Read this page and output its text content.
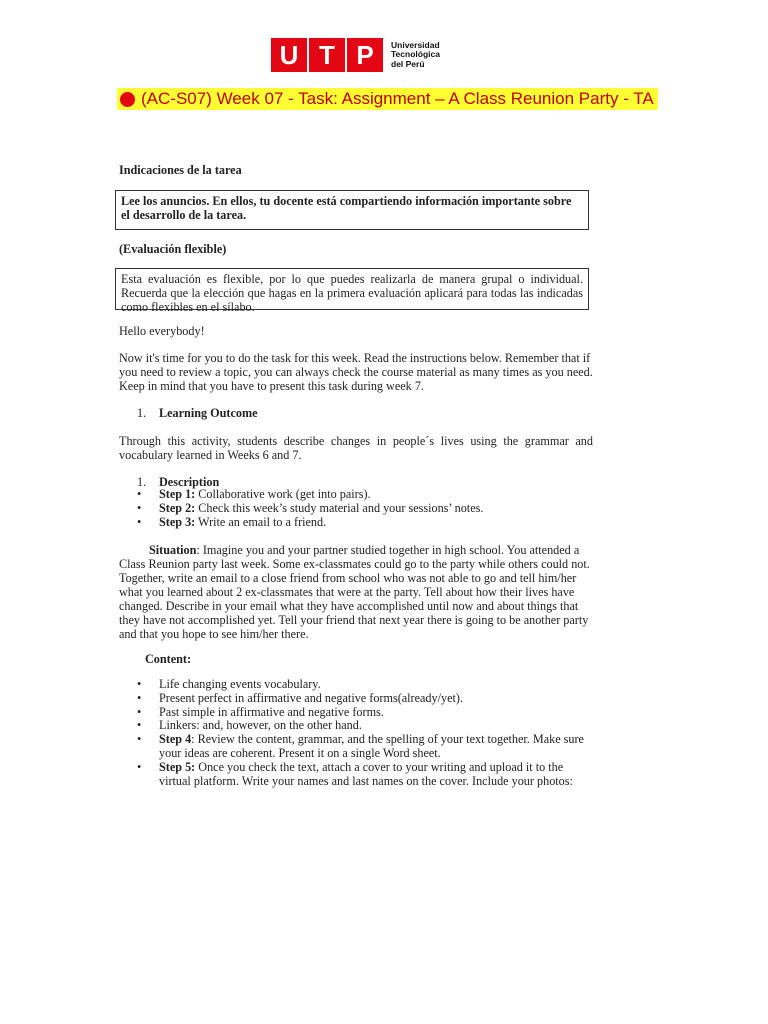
U T P	Universidad
Tecnológica
del Perú
(AC-S07) Week 07 - Task: Assignment – A Class Reunion Party - TA
Indicaciones de la tarea
Lee los anuncios. En ellos, tu docente está compartiendo información importante sobre el desarrollo de la tarea.
(Evaluación flexible)
Esta evaluación es flexible, por lo que puedes realizarla de manera grupal o individual. Recuerda que la elección que hagas en la primera evaluación aplicará para todas las indicadas como flexibles en el sílabo.
Hello everybody!
Now it's time for you to do the task for this week. Read the instructions below. Remember that if you need to review a topic, you can always check the course material as many times as you need. Keep in mind that you have to present this task during week 7.
1. Learning Outcome
Through this activity, students describe changes in people´s lives using the grammar and vocabulary learned in Weeks 6 and 7.
1. Description
• Step 1: Collaborative work (get into pairs).
• Step 2: Check this week’s study material and your sessions’ notes.
• Step 3: Write an email to a friend.
Situation: Imagine you and your partner studied together in high school. You attended a Class Reunion party last week. Some ex-classmates could go to the party while others could not. Together, write an email to a close friend from school who was not able to go and tell him/her what you learned about 2 ex-classmates that were at the party. Tell about how their lives have changed. Describe in your email what they have accomplished until now and about things that they have not accomplished yet. Tell your friend that next year there is going to be another party and that you hope to see him/her there.
Content:
• Life changing events vocabulary.
• Present perfect in affirmative and negative forms(already/yet).
• Past simple in affirmative and negative forms.
• Linkers: and, however, on the other hand.
• Step 4: Review the content, grammar, and the spelling of your text together. Make sure your ideas are coherent. Present it on a single Word sheet.
• Step 5: Once you check the text, attach a cover to your writing and upload it to the virtual platform. Write your names and last names on the cover. Include your photos:
